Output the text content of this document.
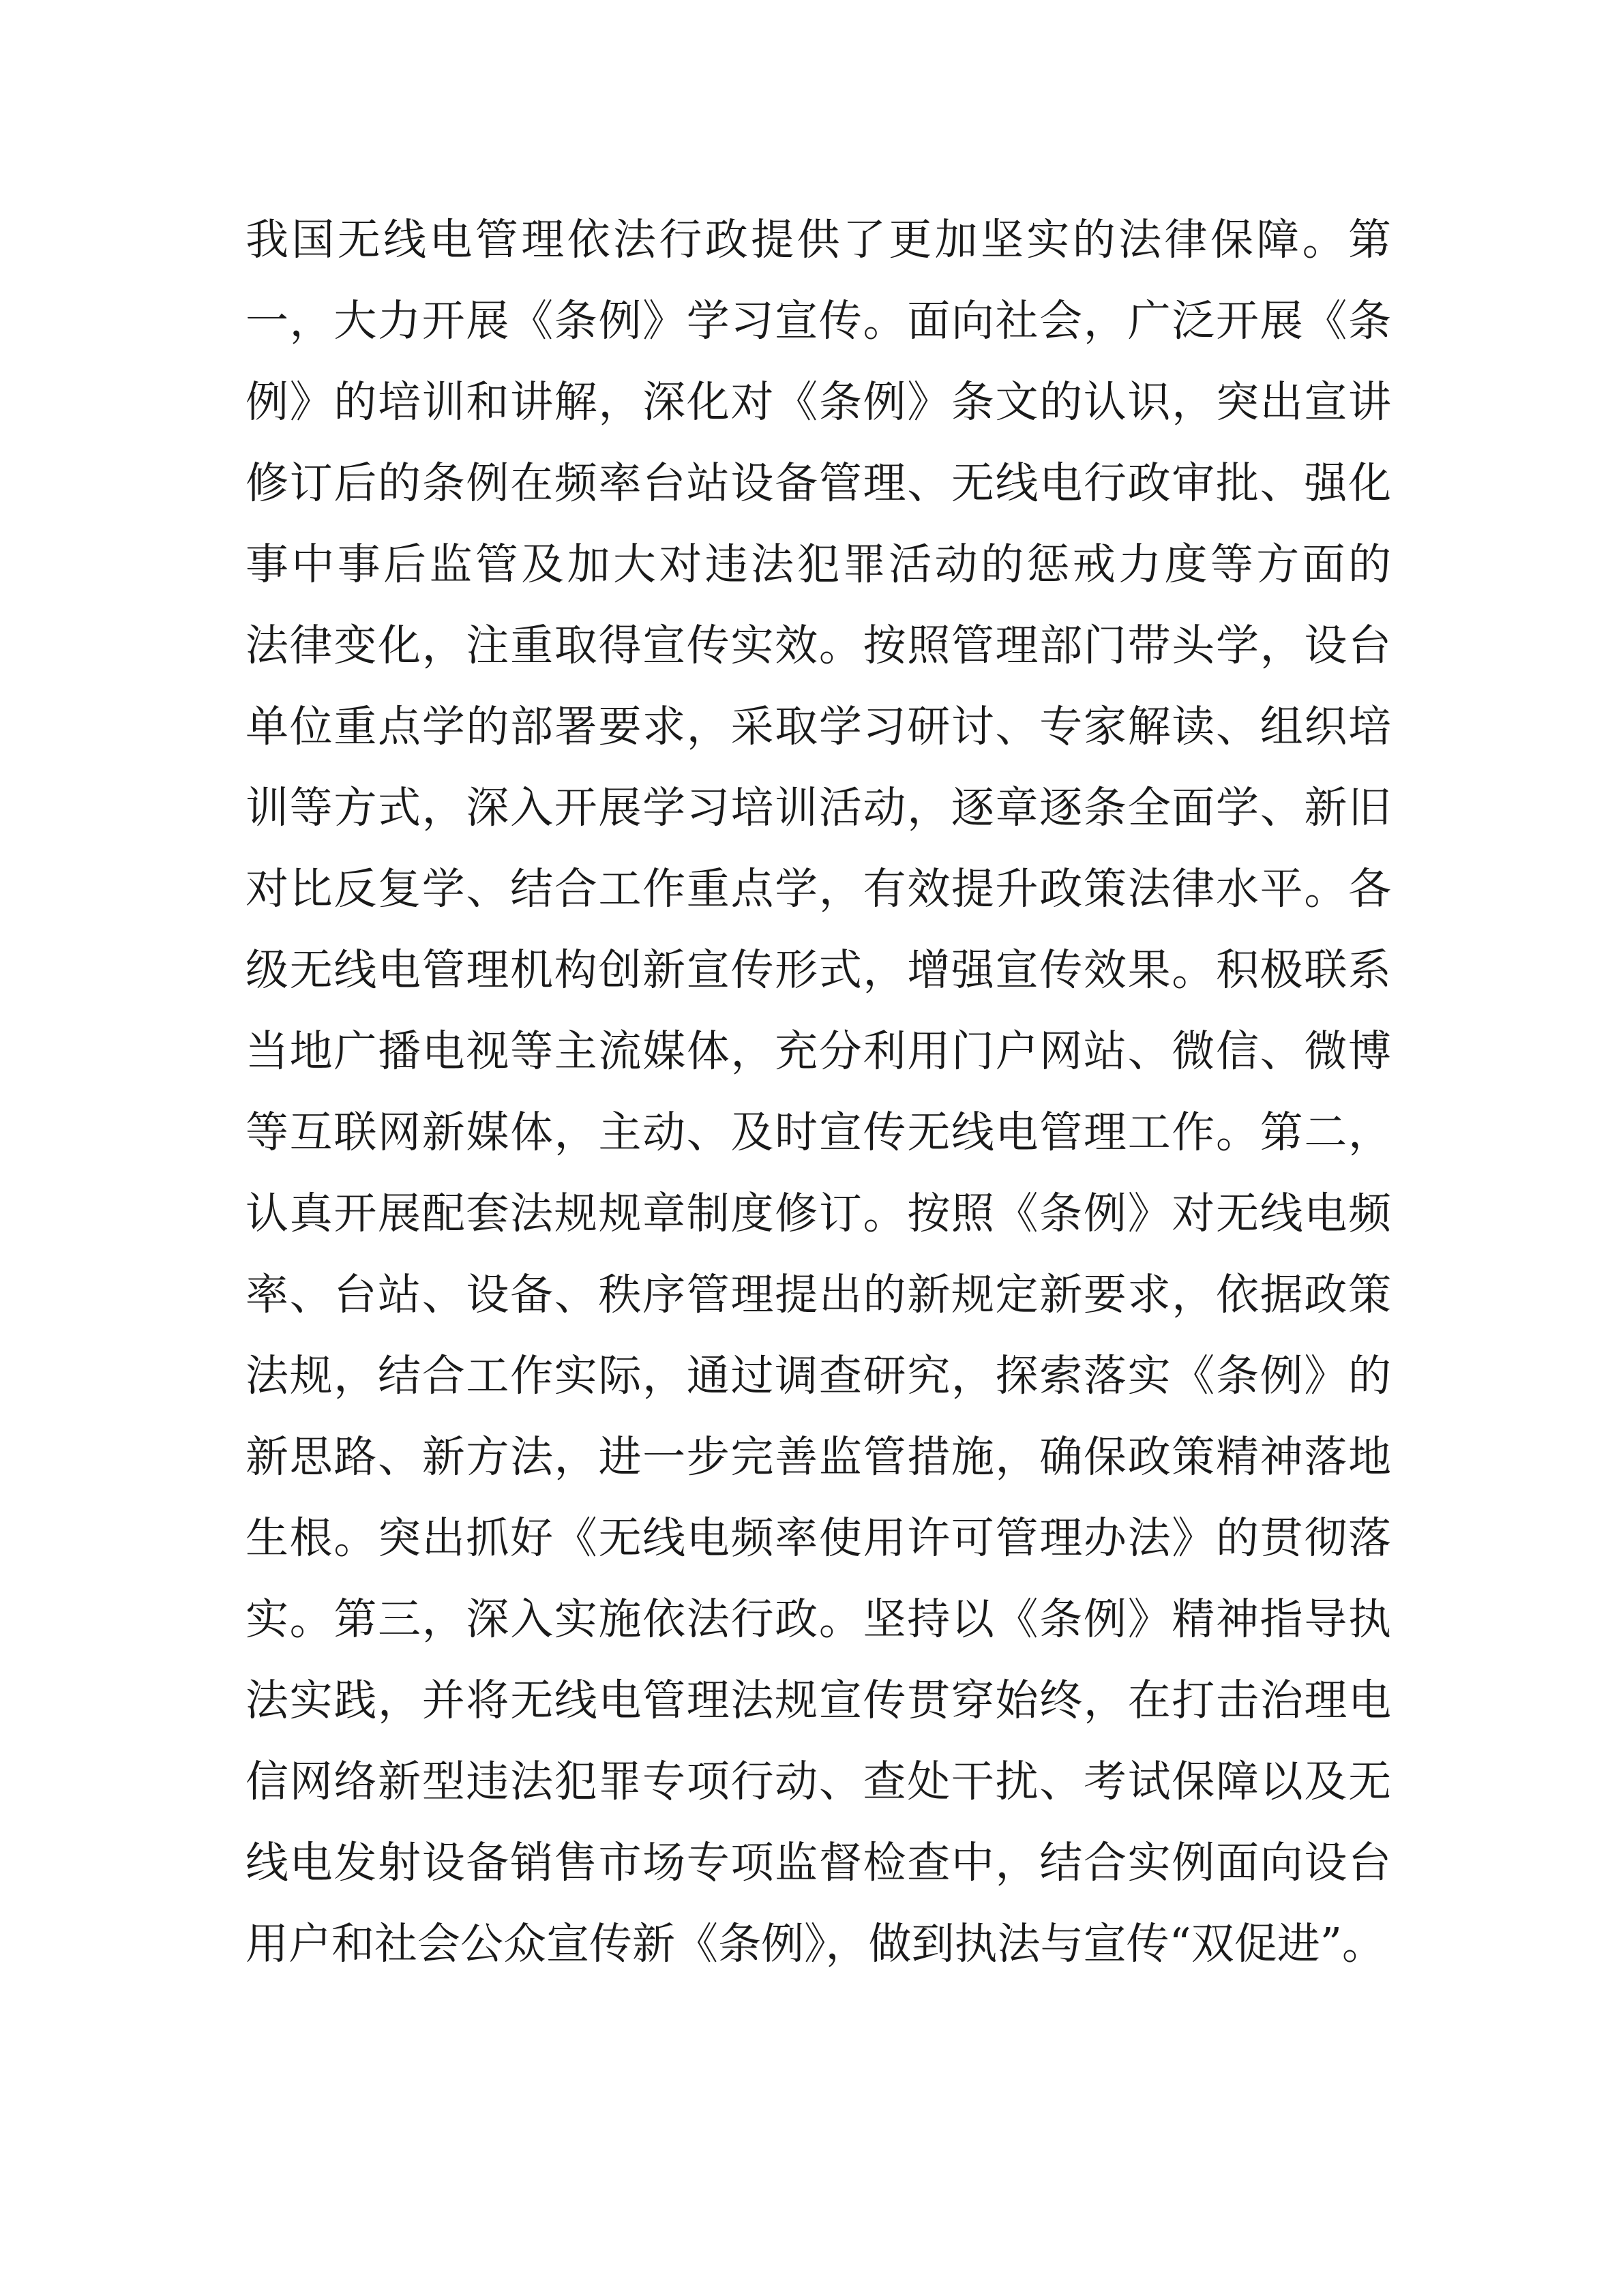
我国无线电管理依法行政提供了更加坚实的法律保障。第
一，大力开展《条例》学习宣传。面向社会，广泛开展《条
例》的培训和讲解，深化对《条例》条文的认识，突出宣讲
修订后的条例在频率台站设备管理、无线电行政审批、强化
事中事后监管及加大对违法犯罪活动的惩戒力度等方面的
法律变化，注重取得宣传实效。按照管理部门带头学，设台
单位重点学的部署要求，采取学习研讨、专家解读、组织培
训等方式，深入开展学习培训活动，逐章逐条全面学、新旧
对比反复学、结合工作重点学，有效提升政策法律水平。各
级无线电管理机构创新宣传形式，增强宣传效果。积极联系
当地广播电视等主流媒体，充分利用门户网站、微信、微博
等互联网新媒体，主动、及时宣传无线电管理工作。第二，
认真开展配套法规规章制度修订。按照《条例》对无线电频
率、台站、设备、秩序管理提出的新规定新要求，依据政策
法规，结合工作实际，通过调查研究，探索落实《条例》的
新思路、新方法，进一步完善监管措施，确保政策精神落地
生根。突出抓好《无线电频率使用许可管理办法》的贯彻落
实。第三，深入实施依法行政。坚持以《条例》精神指导执
法实践，并将无线电管理法规宣传贯穿始终，在打击治理电
信网络新型违法犯罪专项行动、查处干扰、考试保障以及无
线电发射设备销售市场专项监督检查中，结合实例面向设台
用户和社会公众宣传新《条例》，做到执法与宣传“双促进”。
